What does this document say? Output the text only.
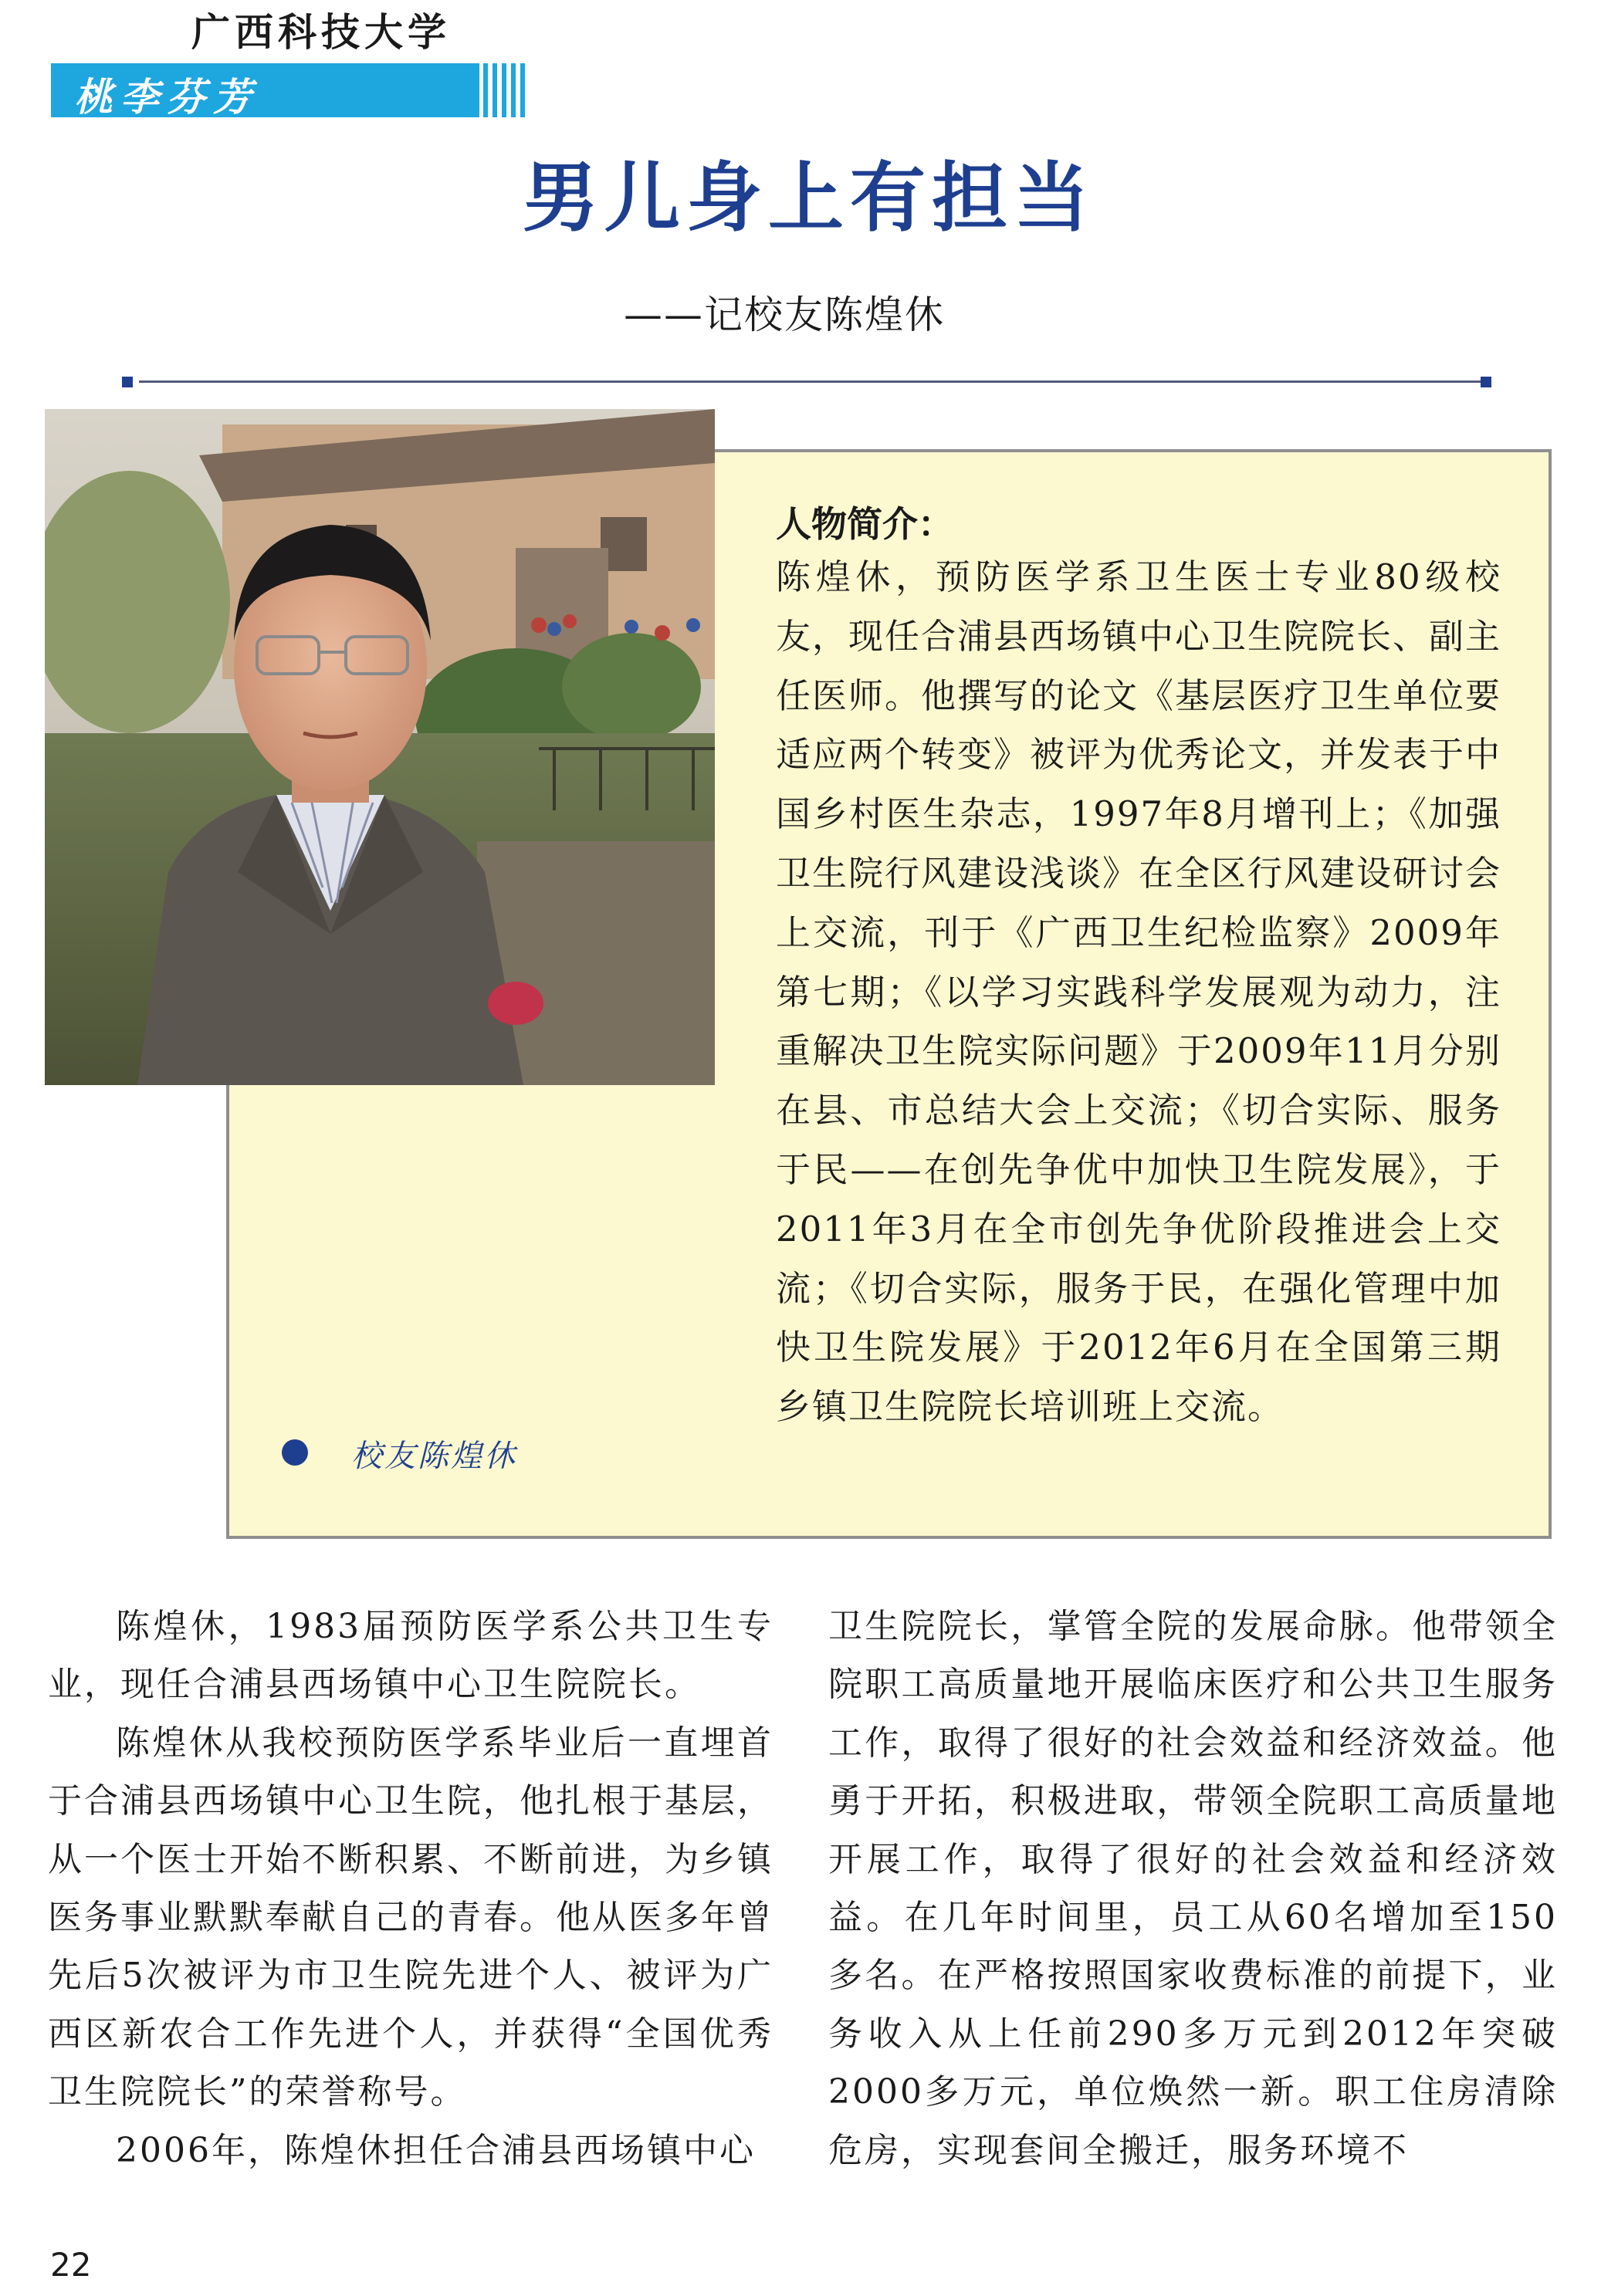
广西科技大学
桃李芬芳
男儿身上有担当
——记校友陈煌休
人物简介：
陈煌休，预防医学系卫生医士专业80级校友，现任合浦县西场镇中心卫生院院长、副主任医师。他撰写的论文《基层医疗卫生单位要适应两个转变》被评为优秀论文，并发表于中国乡村医生杂志，1997年8月增刊上；《加强卫生院行风建设浅谈》在全区行风建设研讨会上交流，刊于《广西卫生纪检监察》2009年第七期；《以学习实践科学发展观为动力，注重解决卫生院实际问题》于2009年11月分别在县、市总结大会上交流；《切合实际、服务于民——在创先争优中加快卫生院发展》，于2011年3月在全市创先争优阶段推进会上交流；《切合实际，服务于民，在强化管理中加快卫生院发展》于2012年6月在全国第三期乡镇卫生院院长培训班上交流。
校友陈煌休

陈煌休，1983届预防医学系公共卫生专业，现任合浦县西场镇中心卫生院院长。

陈煌休从我校预防医学系毕业后一直埋首于合浦县西场镇中心卫生院，他扎根于基层，从一个医士开始不断积累、不断前进，为乡镇医务事业默默奉献自己的青春。他从医多年曾先后5次被评为市卫生院先进个人、被评为广西区新农合工作先进个人，并获得“全国优秀卫生院院长”的荣誉称号。

2006年，陈煌休担任合浦县西场镇中心

卫生院院长，掌管全院的发展命脉。他带领全院职工高质量地开展临床医疗和公共卫生服务工作，取得了很好的社会效益和经济效益。他勇于开拓，积极进取，带领全院职工高质量地开展工作，取得了很好的社会效益和经济效益。在几年时间里，员工从60名增加至150多名。在严格按照国家收费标准的前提下，业务收入从上任前290多万元到2012年突破2000多万元，单位焕然一新。职工住房清除危房，实现套间全搬迁，服务环境不

22
